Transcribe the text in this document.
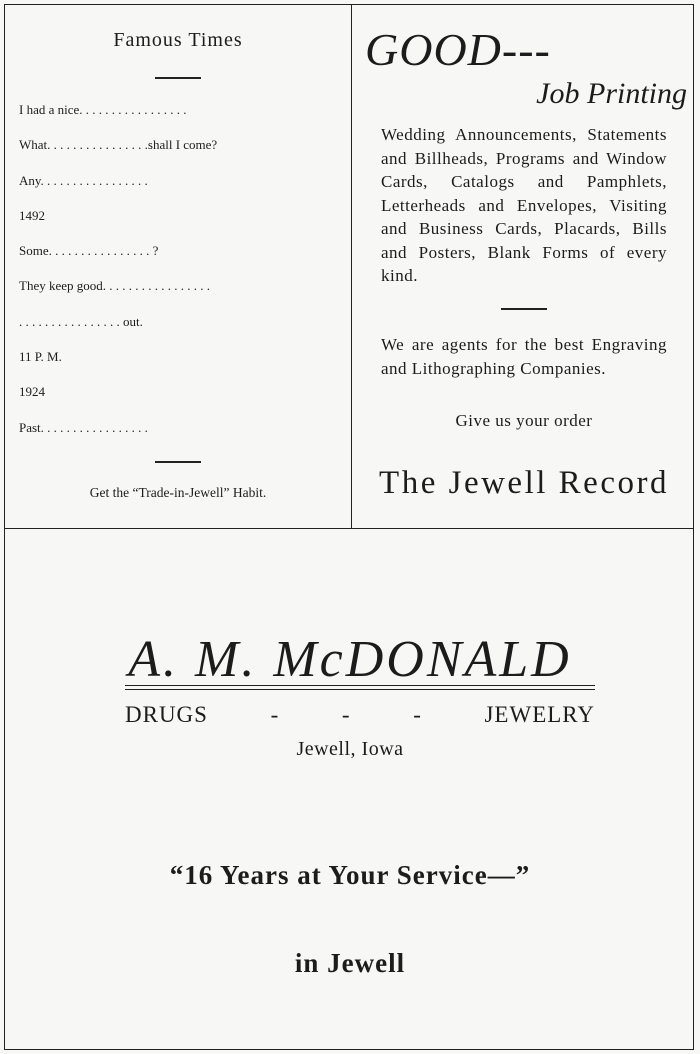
Famous Times
I had a nice. . . . . . . . . . . . . . . . .
What. . . . . . . . . . . . . . . .shall I come?
Any. . . . . . . . . . . . . . . . .
1492
Some. . . . . . . . . . . . . . . . ?
They keep good. . . . . . . . . . . . . . . . .
. . . . . . . . . . . . . . . . out.
11 P. M.
1924
Past. . . . . . . . . . . . . . . . .
Get the “Trade-in-Jewell” Habit.
GOOD---
Job Printing

Wedding Announcements, Statements and Billheads, Programs and Window Cards, Catalogs and Pamphlets, Letterheads and Envelopes, Visiting and Business Cards, Placards, Bills and Posters, Blank Forms of every kind.

We are agents for the best Engraving and Lithographing Companies.

Give us your order
The Jewell Record
A. M. McDONALD
DRUGS	-	-	-	JEWELRY
Jewell, Iowa
“16 Years at Your Service—”
in Jewell
